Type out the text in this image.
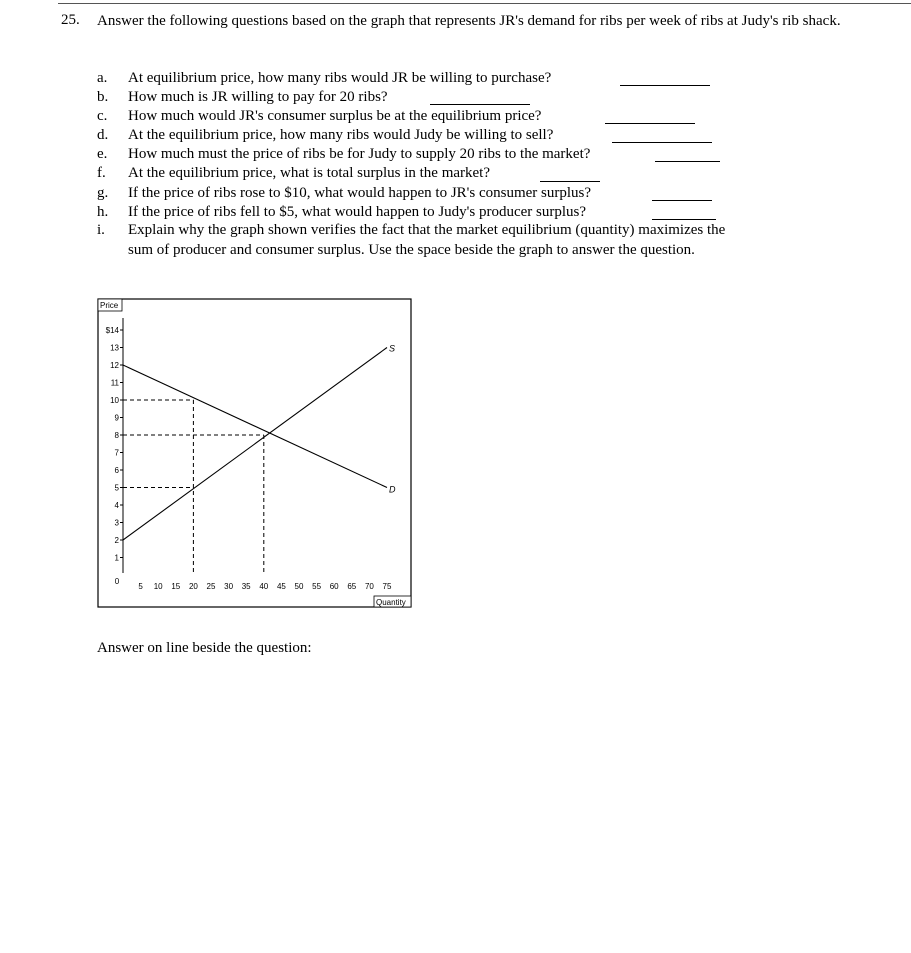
25. Answer the following questions based on the graph that represents JR's demand for ribs per week of ribs at Judy's rib shack.
a.	At equilibrium price, how many ribs would JR be willing to purchase?
b.	How much is JR willing to pay for 20 ribs?
c.	How much would JR's consumer surplus be at the equilibrium price?
d.	At the equilibrium price, how many ribs would Judy be willing to sell?
e.	How much must the price of ribs be for Judy to supply 20 ribs to the market?
f.	At the equilibrium price, what is total surplus in the market?
g.	If the price of ribs rose to $10, what would happen to JR's consumer surplus?
h.	If the price of ribs fell to $5, what would happen to Judy's producer surplus?
i. Explain why the graph shown verifies the fact that the market equilibrium (quantity) maximizes the sum of producer and consumer surplus. Use the space beside the graph to answer the question.
Price
Quantity
$14
13
12
11
10
9
8
7
6
5
4
3
2
1
0
5 10 15 20 25 30 35 40 45 50 55 60 65 70 75
D
S
Answer on line beside the question:
